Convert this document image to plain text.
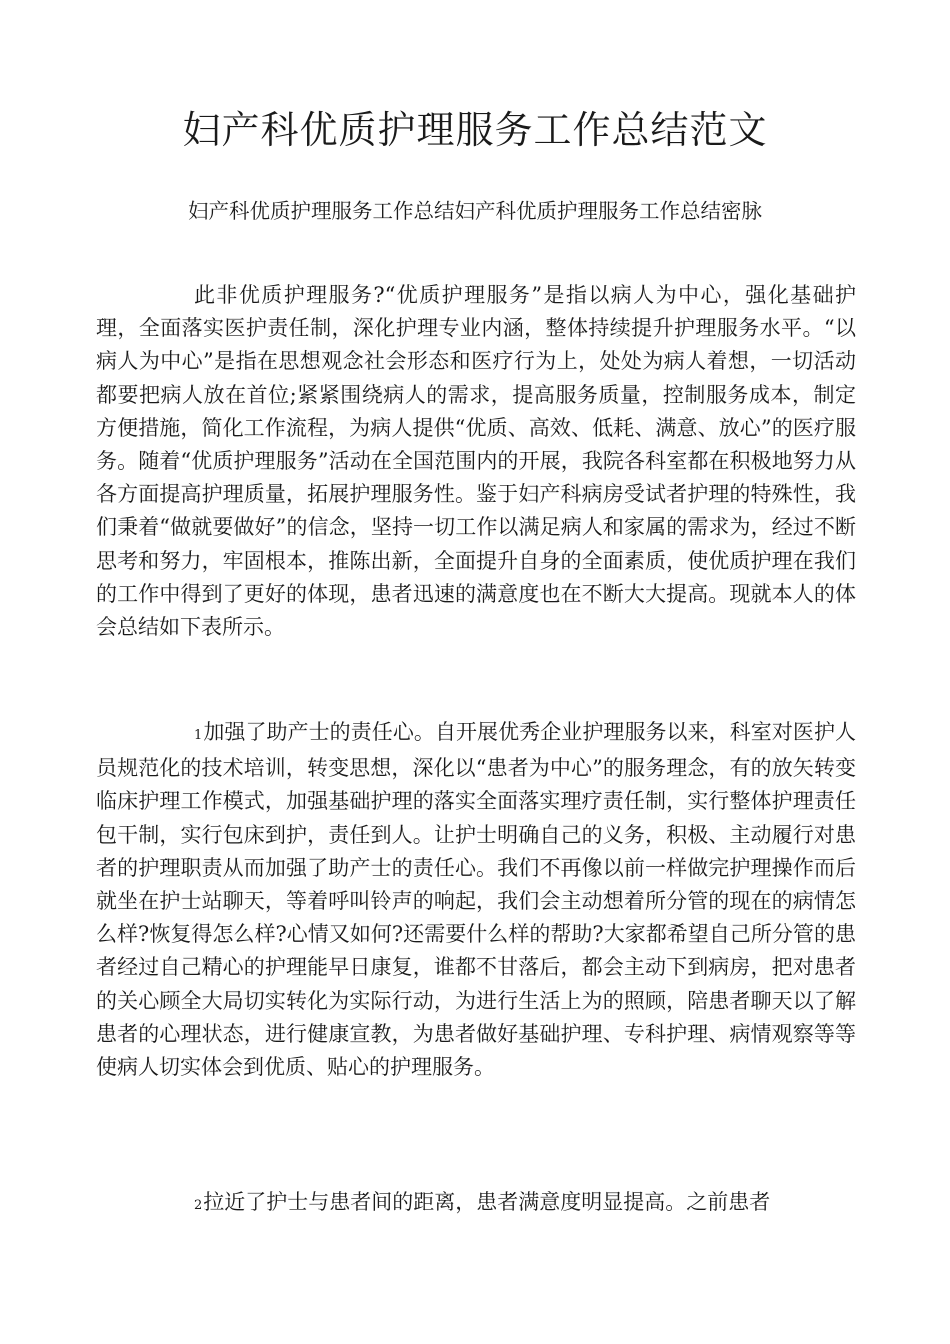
妇产科优质护理服务工作总结范文

妇产科优质护理服务工作总结妇产科优质护理服务工作总结密脉

此非优质护理服务?“优质护理服务”是指以病人为中心，强化基础护理，全面落实医护责任制，深化护理专业内涵，整体持续提升护理服务水平。“以病人为中心”是指在思想观念社会形态和医疗行为上，处处为病人着想，一切活动都要把病人放在首位;紧紧围绕病人的需求，提高服务质量，控制服务成本，制定方便措施，简化工作流程，为病人提供“优质、高效、低耗、满意、放心”的医疗服务。随着“优质护理服务”活动在全国范围内的开展，我院各科室都在积极地努力从各方面提高护理质量，拓展护理服务性。鉴于妇产科病房受试者护理的特殊性，我们秉着“做就要做好”的信念，坚持一切工作以满足病人和家属的需求为，经过不断思考和努力，牢固根本，推陈出新，全面提升自身的全面素质，使优质护理在我们的工作中得到了更好的体现，患者迅速的满意度也在不断大大提高。现就本人的体会总结如下表所示。

1加强了助产士的责任心。自开展优秀企业护理服务以来，科室对医护人员规范化的技术培训，转变思想，深化以“患者为中心”的服务理念，有的放矢转变临床护理工作模式，加强基础护理的落实全面落实理疗责任制，实行整体护理责任包干制，实行包床到护，责任到人。让护士明确自己的义务，积极、主动履行对患者的护理职责从而加强了助产士的责任心。我们不再像以前一样做完护理操作而后就坐在护士站聊天，等着呼叫铃声的响起，我们会主动想着所分管的现在的病情怎么样?恢复得怎么样?心情又如何?还需要什么样的帮助?大家都希望自己所分管的患者经过自己精心的护理能早日康复，谁都不甘落后，都会主动下到病房，把对患者的关心顾全大局切实转化为实际行动，为进行生活上为的照顾，陪患者聊天以了解患者的心理状态，进行健康宣教，为患者做好基础护理、专科护理、病情观察等等使病人切实体会到优质、贴心的护理服务。

2拉近了护士与患者间的距离，患者满意度明显提高。之前患者
